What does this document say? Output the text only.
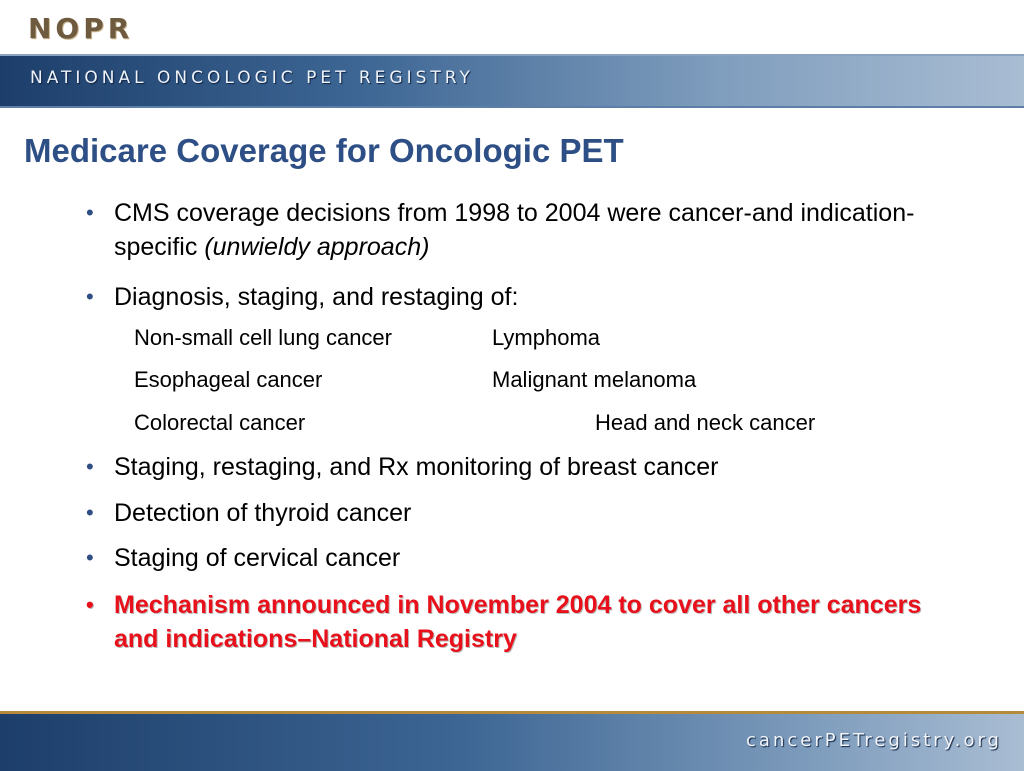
NOPR
NATIONAL ONCOLOGIC PET REGISTRY
Medicare Coverage for Oncologic PET
• CMS coverage decisions from 1998 to 2004 were cancer-and indication-specific (unwieldy approach)
• Diagnosis, staging, and restaging of:
Non-small cell lung cancer	Lymphoma
Esophageal cancer	Malignant melanoma
Colorectal cancer	Head and neck cancer
• Staging, restaging, and Rx monitoring of breast cancer
• Detection of thyroid cancer
• Staging of cervical cancer
• Mechanism announced in November 2004 to cover all other cancers and indications–National Registry
cancerPETregistry.org
